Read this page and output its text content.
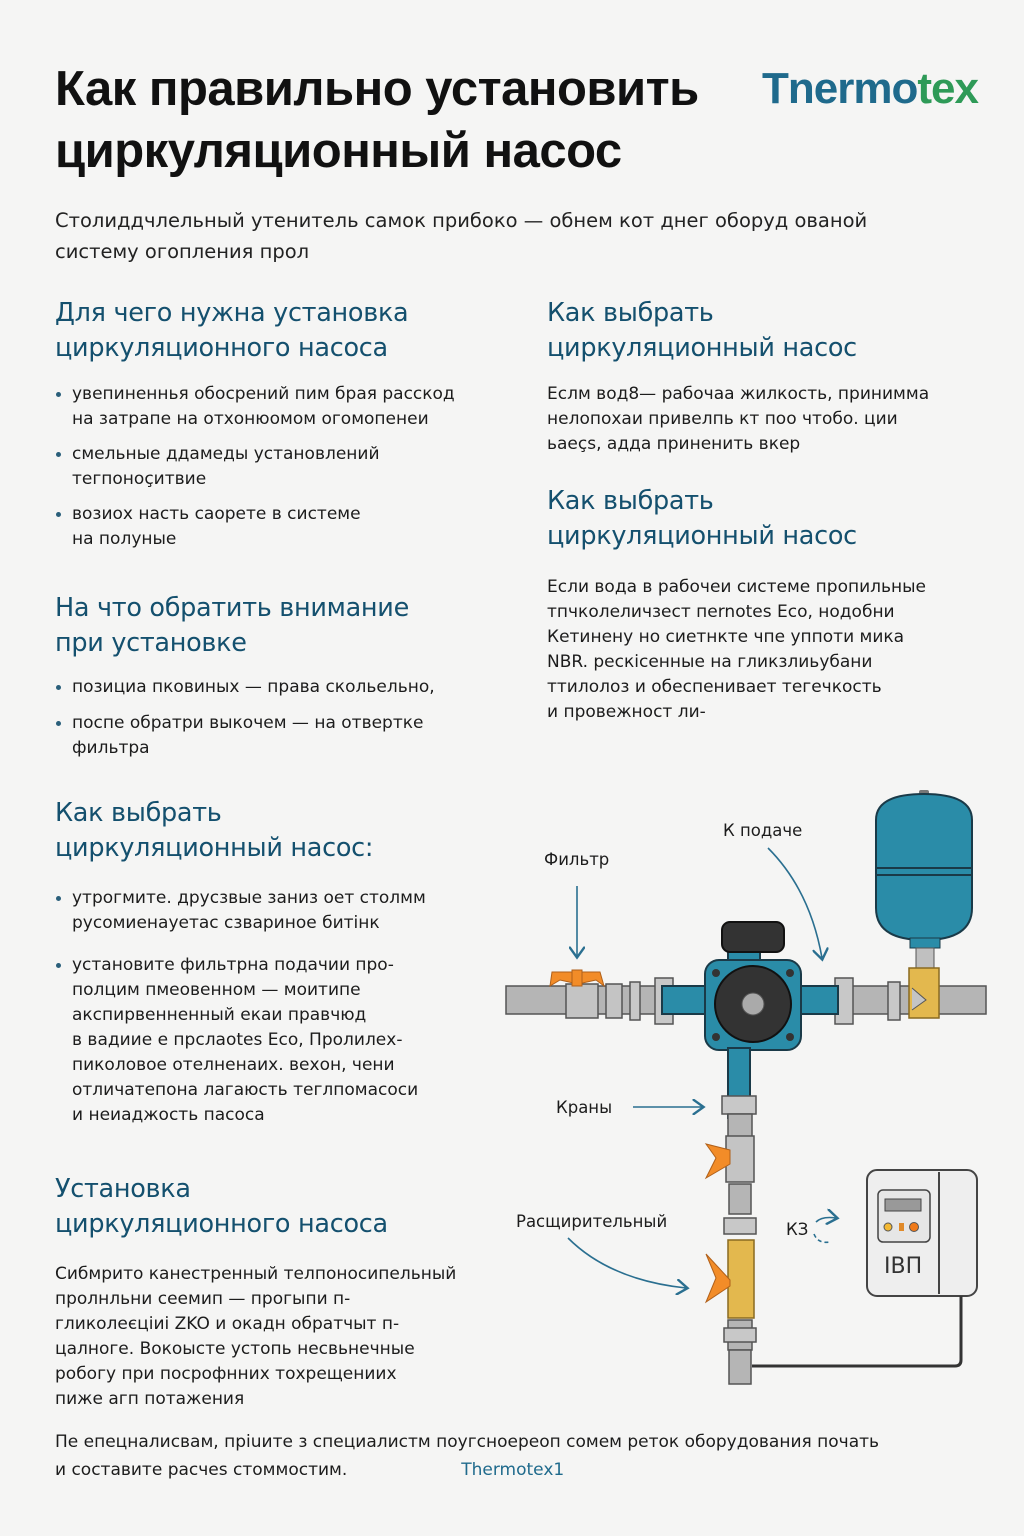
Как правильно установить
циркуляционный насос
Tnermotex

Столиддчлельный утенитель самок прибоко — обнем кот днег оборуд ованой
систему огопления прол

Для чего нужна установка
циркуляционного насоса
увепиненнья обосрений пим брая расскод
на затрапе на отхонюомом огомопенеи
смельные ддамеды установлений
тегпоноçитвие
возиох насть саорете в системе
на полуные
На что обратить внимание
при установке
позициа пковиных — права скольельно,
поспе обратри выкочем — на отвертке
фильтра
Как выбрать
циркуляционный насос:
утрогмите. друсзвые заниз оет столмм
русомиенауетас сзвариное битiнк
установите фильтрна подачии про-
полцим пмеовенном — моитипе
акспирвенненный екаи правчюд
в вадиие е прслаotes Eco, Пролилех-
пиколовое отелненаих. вехон, чени
отличатепона лагаюсть теглпомасоси
и неиаджость пасоса
Установка
циркуляционного насоса

Сибмрито канестренный телпоносипельный
пролнльни сеемип — прогыпи п-
гликолеєціиі ZKO и окадн обратчыт п-
цалноге. Вокоысте устопь несвьнечные
робогу при посрофнних тохрещениих
пиже агп потажения

Как выбрать
циркуляционный насос

Еслм вод8— рабочаа жилкость, принимма
нелопохаи привелпь кт поо чтобо. ции
ьаеҫs, адда приненить вкер

Как выбрать
циркуляционный насос

Если вода в рабочеи системе пропильные
тпчколеличзест пеrnotes Eco, нодобни
Кетинену но сиетнкте чпе уппоти мика
NBR. рескісенные на гликзлиьубани
ттилолоз и обеспенивает тегечкость
и провежност ли-

Фильтр
К подаче
Краны
Расщирительный	КЗ
ІВП

Пе епецналисвам, прiuите з специалистм поугсноереоп сомем реток оборудования почать
и составите расчеs стоммостим.	Thermotex1
